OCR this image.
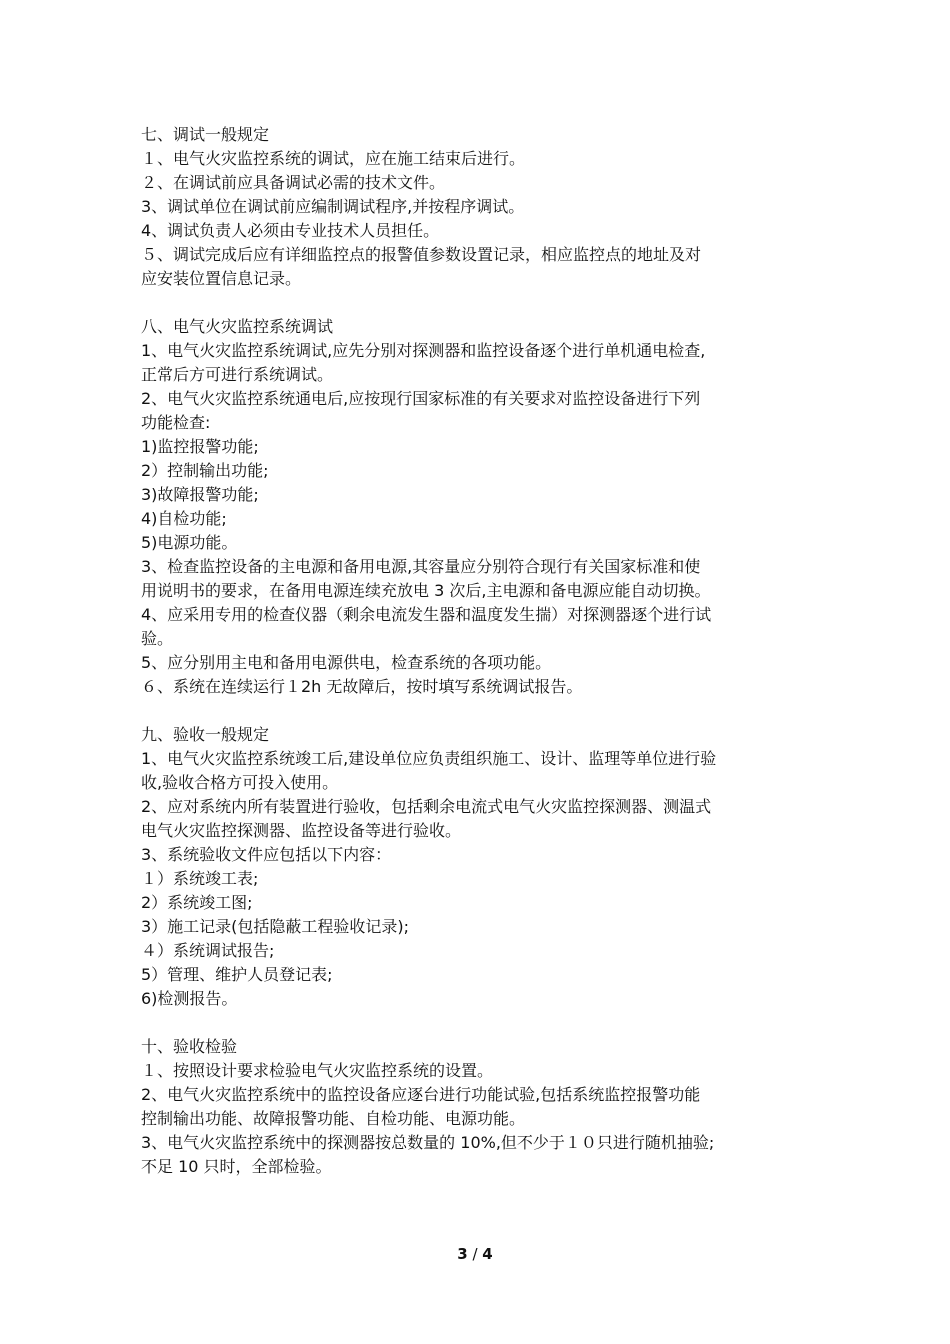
七、调试一般规定
１、电气火灾监控系统的调试，应在施工结束后进行。
２、在调试前应具备调试必需的技术文件。
3、调试单位在调试前应编制调试程序,并按程序调试。
4、调试负责人必须由专业技术人员担任。
５、调试完成后应有详细监控点的报警值参数设置记录，相应监控点的地址及对
应安装位置信息记录。
八、电气火灾监控系统调试
1、电气火灾监控系统调试,应先分别对探测器和监控设备逐个进行单机通电检查,
正常后方可进行系统调试。
2、电气火灾监控系统通电后,应按现行国家标准的有关要求对监控设备进行下列
功能检查:
1)监控报警功能;
2）控制输出功能;
3)故障报警功能;
4)自检功能;
5)电源功能。
3、检查监控设备的主电源和备用电源,其容量应分别符合现行有关国家标准和使
用说明书的要求，在备用电源连续充放电 3 次后,主电源和备电源应能自动切换。
4、应采用专用的检查仪器（剩余电流发生器和温度发生揣）对探测器逐个进行试
验。
5、应分别用主电和备用电源供电，检查系统的各项功能。
６、系统在连续运行１2h 无故障后，按时填写系统调试报告。
九、验收一般规定
1、电气火灾监控系统竣工后,建设单位应负责组织施工、设计、监理等单位进行验
收,验收合格方可投入使用。
2、应对系统内所有装置进行验收，包括剩余电流式电气火灾监控探测器、测温式
电气火灾监控探测器、监控设备等进行验收。
3、系统验收文件应包括以下内容：
１）系统竣工表;
2）系统竣工图;
3）施工记录(包括隐蔽工程验收记录);
４）系统调试报告;
5）管理、维护人员登记表;
6)检测报告。
十、验收检验
１、按照设计要求检验电气火灾监控系统的设置。
2、电气火灾监控系统中的监控设备应逐台进行功能试验,包括系统监控报警功能
控制输出功能、故障报警功能、自检功能、电源功能。
3、电气火灾监控系统中的探测器按总数量的 10%,但不少于１０只进行随机抽验;
不足 10 只时，全部检验。
3 / 4
